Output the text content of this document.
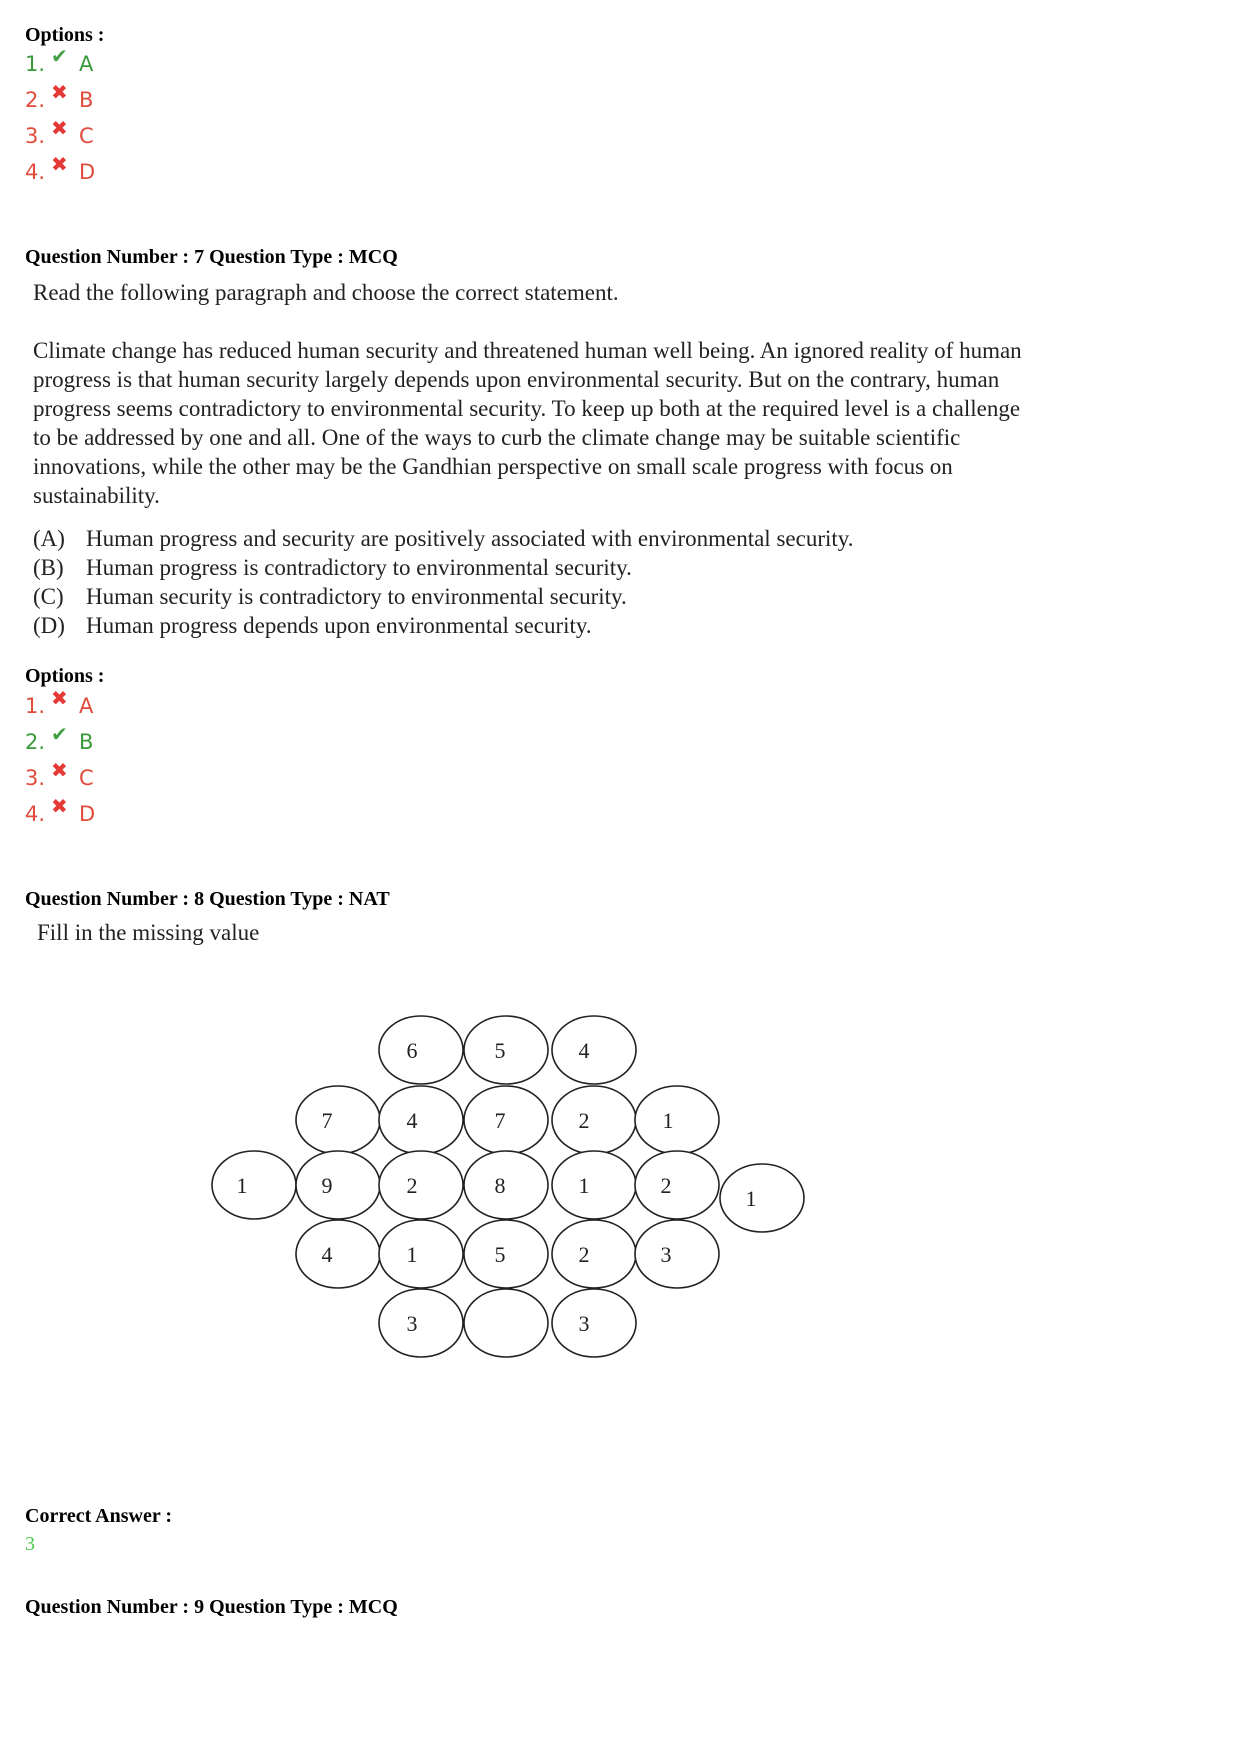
Options :
1. ✔ A
2. ✖ B
3. ✖ C
4. ✖ D
Question Number : 7 Question Type : MCQ
Read the following paragraph and choose the correct statement.
Climate change has reduced human security and threatened human well being. An ignored reality of human progress is that human security largely depends upon environmental security. But on the contrary, human progress seems contradictory to environmental security. To keep up both at the required level is a challenge to be addressed by one and all. One of the ways to curb the climate change may be suitable scientific innovations, while the other may be the Gandhian perspective on small scale progress with focus on sustainability.
(A) Human progress and security are positively associated with environmental security.
(B) Human progress is contradictory to environmental security.
(C) Human security is contradictory to environmental security.
(D) Human progress depends upon environmental security.
Options :
1. ✖ A
2. ✔ B
3. ✖ C
4. ✖ D
Question Number : 8 Question Type : NAT
Fill in the missing value
6	5	4
7	4	7	2	1
1	9	2	8	1	2
1
4	1	5	2	3
3	3
Correct Answer :
3
Question Number : 9 Question Type : MCQ
